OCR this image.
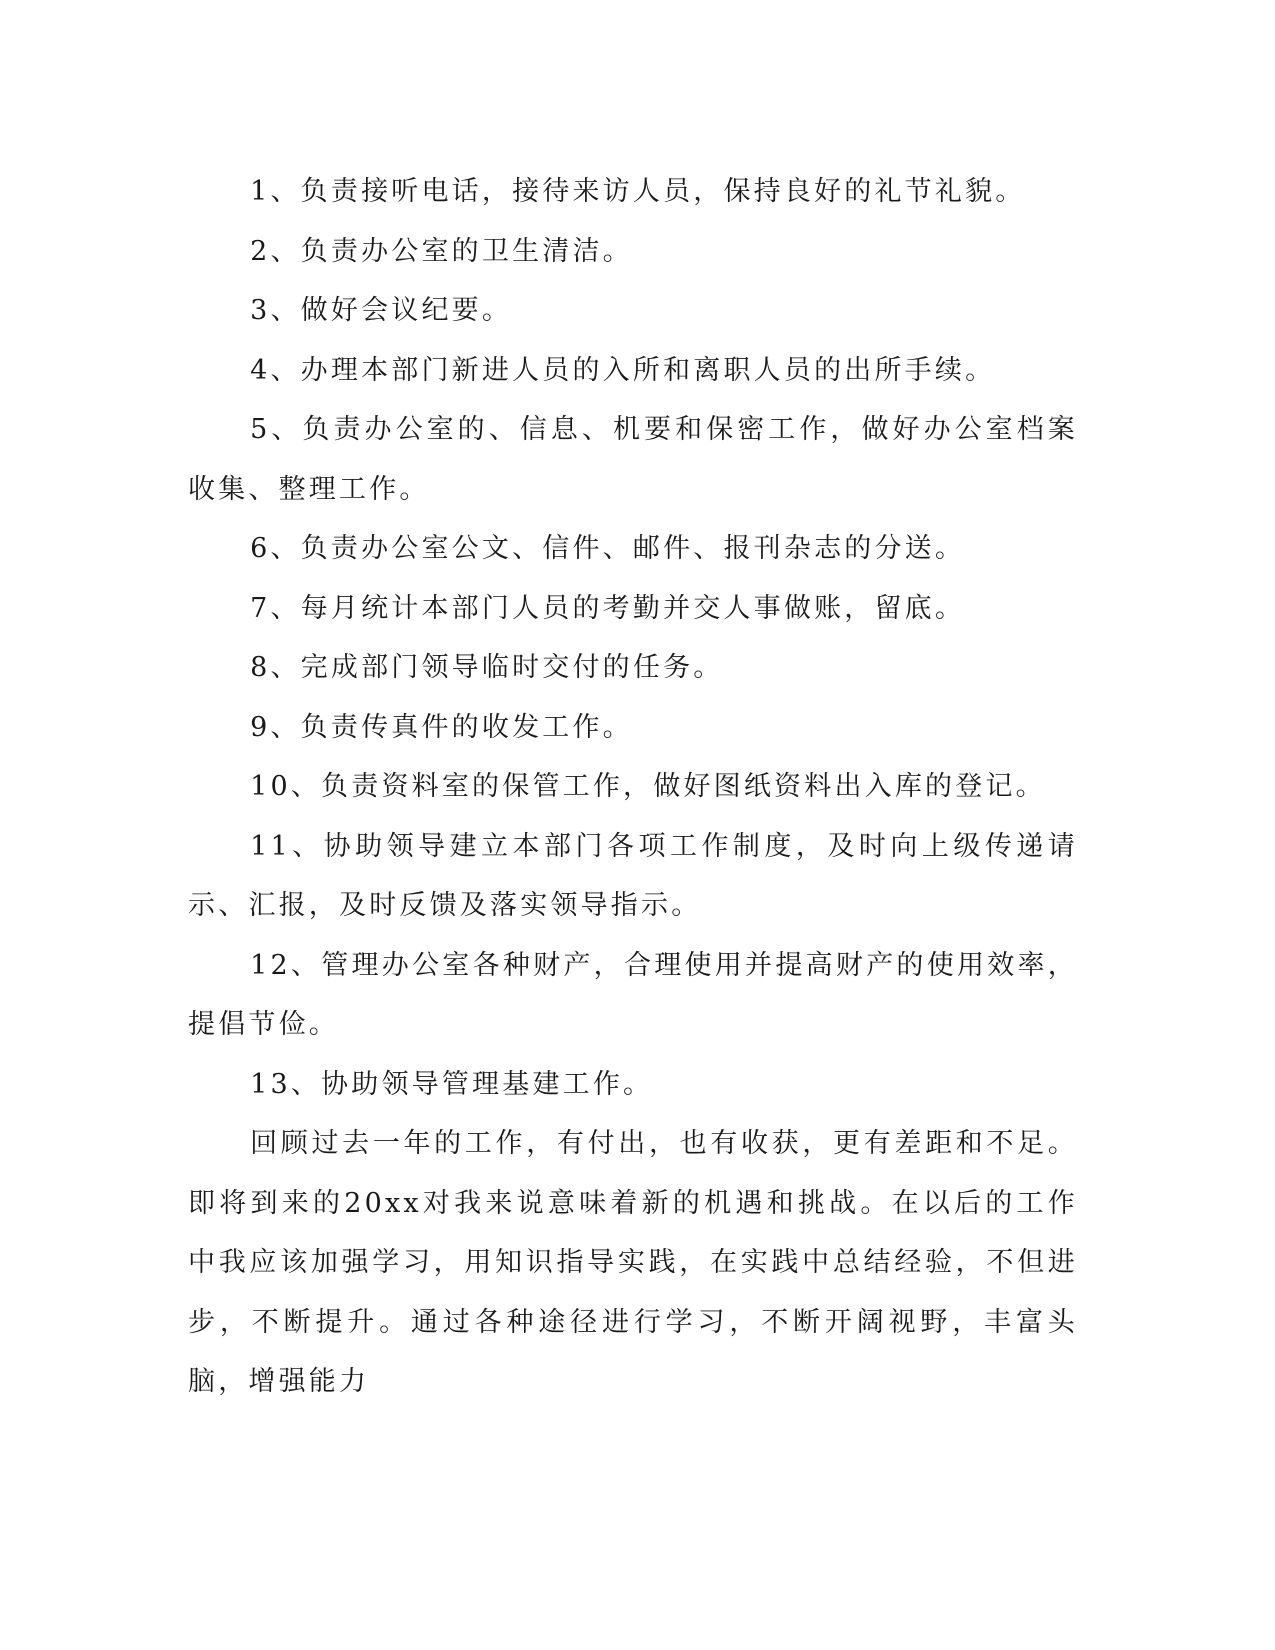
1、负责接听电话，接待来访人员，保持良好的礼节礼貌。

2、负责办公室的卫生清洁。

3、做好会议纪要。

4、办理本部门新进人员的入所和离职人员的出所手续。

5、负责办公室的、信息、机要和保密工作，做好办公室档案收集、整理工作。

6、负责办公室公文、信件、邮件、报刊杂志的分送。

7、每月统计本部门人员的考勤并交人事做账，留底。

8、完成部门领导临时交付的任务。

9、负责传真件的收发工作。

10、负责资料室的保管工作，做好图纸资料出入库的登记。

11、协助领导建立本部门各项工作制度，及时向上级传递请示、汇报，及时反馈及落实领导指示。

12、管理办公室各种财产，合理使用并提高财产的使用效率，提倡节俭。

13、协助领导管理基建工作。

回顾过去一年的工作，有付出，也有收获，更有差距和不足。即将到来的20xx对我来说意味着新的机遇和挑战。在以后的工作中我应该加强学习，用知识指导实践，在实践中总结经验，不但进步，不断提升。通过各种途径进行学习，不断开阔视野，丰富头脑，增强能力
